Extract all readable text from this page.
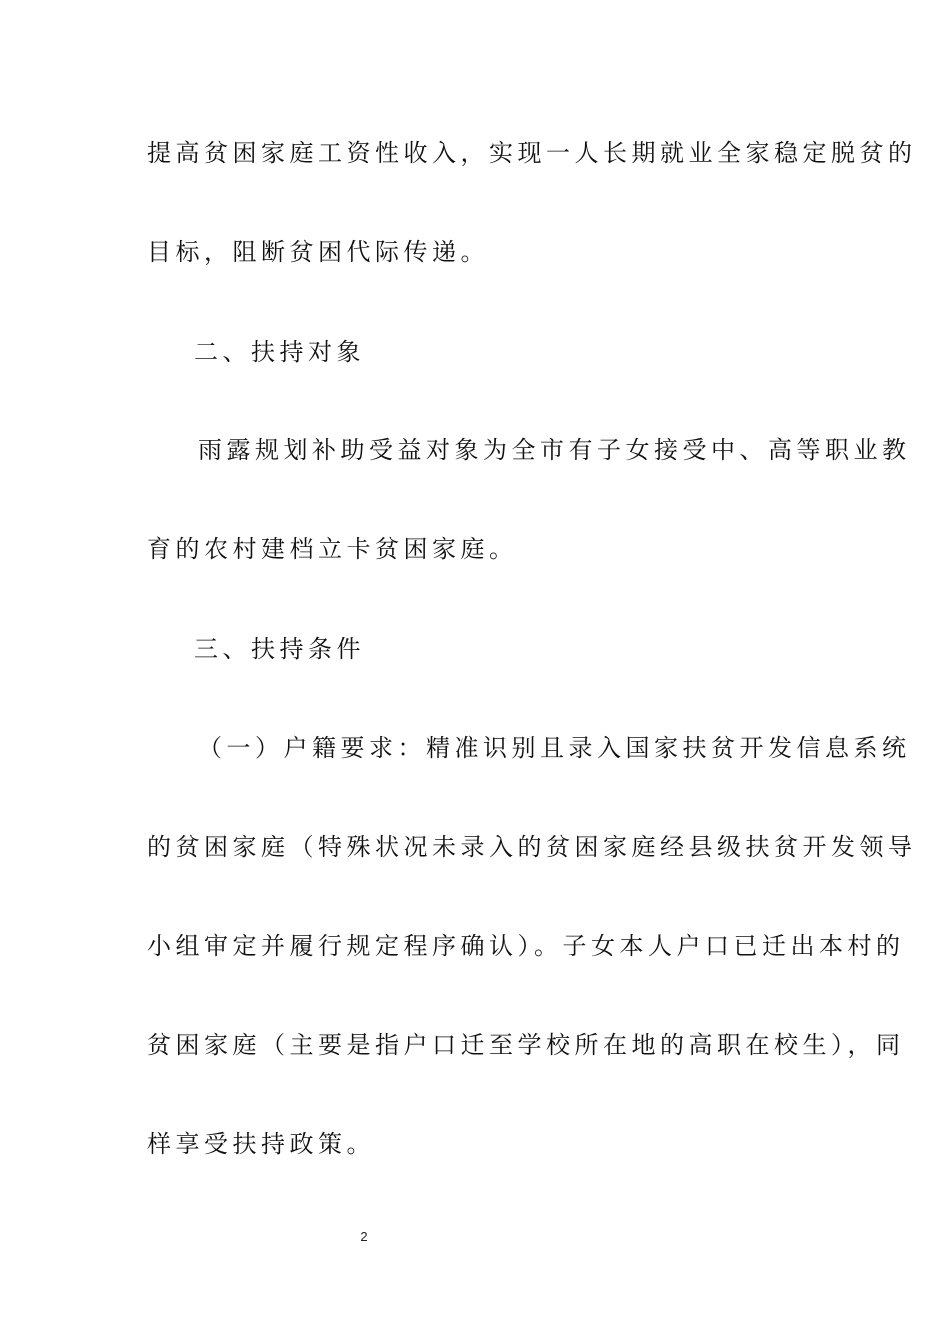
提高贫困家庭工资性收入，实现一人长期就业全家稳定脱贫的
目标，阻断贫困代际传递。
二、扶持对象
雨露规划补助受益对象为全市有子女接受中、高等职业教
育的农村建档立卡贫困家庭。
三、扶持条件
（一）户籍要求：精准识别且录入国家扶贫开发信息系统
的贫困家庭（特殊状况未录入的贫困家庭经县级扶贫开发领导
小组审定并履行规定程序确认）。子女本人户口已迁出本村的
贫困家庭（主要是指户口迁至学校所在地的高职在校生），同
样享受扶持政策。
2
